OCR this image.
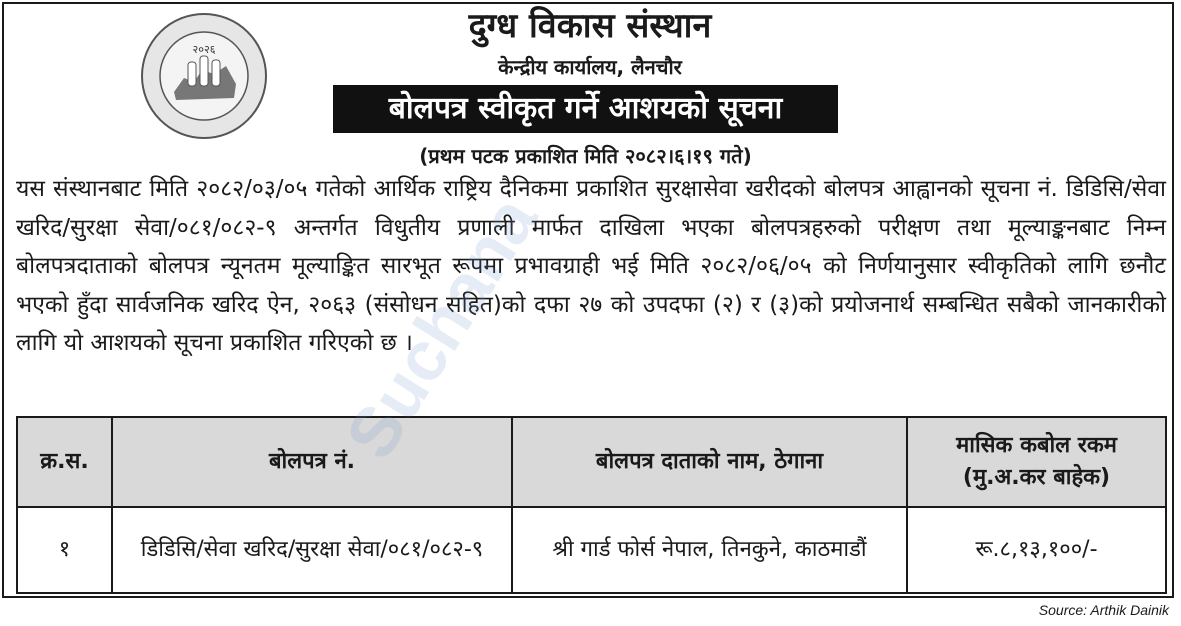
२०२६
दुग्ध विकास संस्थान
केन्द्रीय कार्यालय, लैनचौर
बोलपत्र स्वीकृत गर्ने आशयको सूचना
(प्रथम पटक प्रकाशित मिति २०८२।६।१९ गते)
यस संस्थानबाट मिति २०८२/०३/०५ गतेको आर्थिक राष्ट्रिय दैनिकमा प्रकाशित सुरक्षासेवा खरीदको बोलपत्र आह्वानको सूचना नं. डिडिसि/सेवा खरिद/सुरक्षा सेवा/०८१/०८२-९ अन्तर्गत विधुतीय प्रणाली मार्फत दाखिला भएका बोलपत्रहरुको परीक्षण तथा मूल्याङ्कनबाट निम्न बोलपत्रदाताको बोलपत्र न्यूनतम मूल्याङ्कित सारभूत रूपमा प्रभावग्राही भई मिति २०८२/०६/०५ को निर्णयानुसार स्वीकृतिको लागि छनौट भएको हुँदा सार्वजनिक खरिद ऐन, २०६३ (संसोधन सहित)को दफा २७ को उपदफा (२) र (३)को प्रयोजनार्थ सम्बन्धित सबैको जानकारीको लागि यो आशयको सूचना प्रकाशित गरिएको छ ।
क्र.स.	बोलपत्र नं.	बोलपत्र दाताको नाम, ठेगाना	मासिक कबोल रकम (मु.अ.कर बाहेक)
१	डिडिसि/सेवा खरिद/सुरक्षा सेवा/०८१/०८२-९	श्री गार्ड फोर्स नेपाल, तिनकुने, काठमाडौं	रू.८,१३,१००/-
Suchana
Source: Arthik Dainik
